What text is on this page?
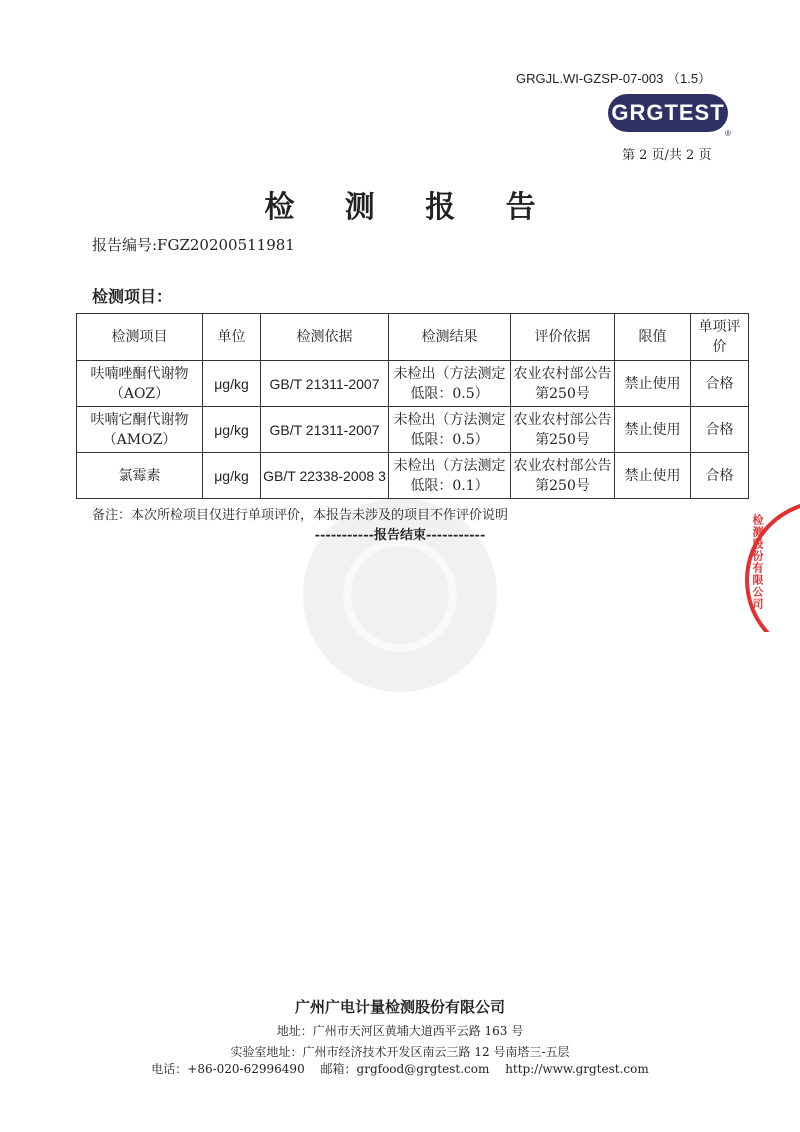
GRGJL.WI-GZSP-07-003 （1.5）
GRGTEST
®
第 2 页/共 2 页
检 测 报 告
报告编号:FGZ20200511981
检测项目：
检测项目	单位	检测依据	检测结果	评价依据	限值	单项评价
呋喃唑酮代谢物（AOZ）	μg/kg	GB/T 21311-2007	未检出（方法测定低限：0.5）	农业农村部公告 第250号	禁止使用	合格
呋喃它酮代谢物（AMOZ）	μg/kg	GB/T 21311-2007	未检出（方法测定低限：0.5）	农业农村部公告 第250号	禁止使用	合格
氯霉素	μg/kg	GB/T 22338-2008 3	未检出（方法测定低限：0.1）	农业农村部公告 第250号	禁止使用	合格
备注：本次所检项目仅进行单项评价，本报告未涉及的项目不作评价说明
-----------报告结束-----------	检测股份有限公司
广州广电计量检测股份有限公司
地址：广州市天河区黄埔大道西平云路 163 号
实验室地址：广州市经济技术开发区南云三路 12 号南塔三-五层
电话：+86-020-62996490 邮箱：grgfood@grgtest.com http://www.grgtest.com
